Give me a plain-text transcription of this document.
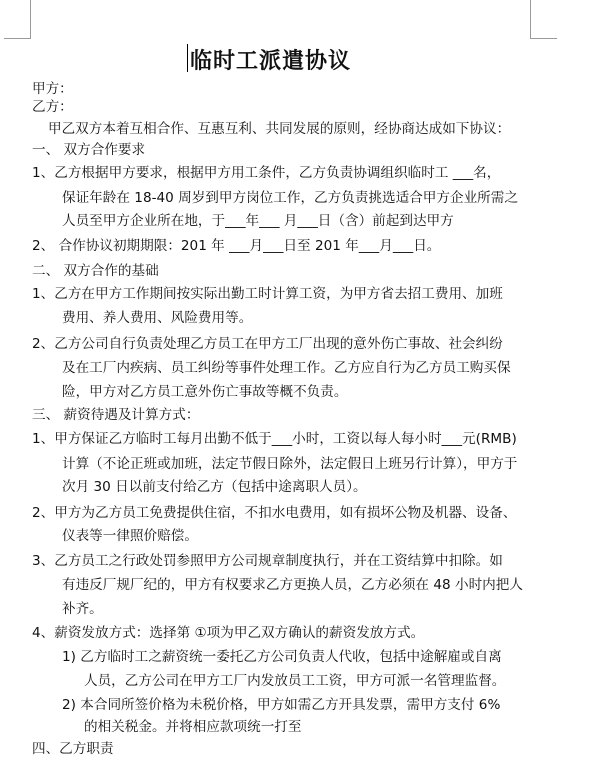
临时工派遣协议
甲方：
乙方：
甲乙双方本着互相合作、互惠互利、共同发展的原则，经协商达成如下协议：
一、 双方合作要求
1、乙方根据甲方要求，根据甲方用工条件，乙方负责协调组织临时工 ___名，
保证年龄在 18-40 周岁到甲方岗位工作，乙方负责挑选适合甲方企业所需之
人员至甲方企业所在地，于___年___ 月___日（含）前起到达甲方
2、 合作协议初期期限：201 年 ___月___日至 201 年___月___日。
二、 双方合作的基础
1、乙方在甲方工作期间按实际出勤工时计算工资，为甲方省去招工费用、加班
费用、养人费用、风险费用等。
2、乙方公司自行负责处理乙方员工在甲方工厂出现的意外伤亡事故、社会纠纷
及在工厂内疾病、员工纠纷等事件处理工作。乙方应自行为乙方员工购买保
险，甲方对乙方员工意外伤亡事故等概不负责。
三、 薪资待遇及计算方式：
1、甲方保证乙方临时工每月出勤不低于___小时，工资以每人每小时___元(RMB)
计算（不论正班或加班，法定节假日除外，法定假日上班另行计算），甲方于
次月 30 日以前支付给乙方（包括中途离职人员）。
2、甲方为乙方员工免费提供住宿，不扣水电费用，如有损坏公物及机器、设备、
仪表等一律照价赔偿。
3、乙方员工之行政处罚参照甲方公司规章制度执行，并在工资结算中扣除。如
有违反厂规厂纪的，甲方有权要求乙方更换人员，乙方必须在 48 小时内把人
补齐。
4、薪资发放方式：选择第 ①项为甲乙双方确认的薪资发放方式。
1) 乙方临时工之薪资统一委托乙方公司负责人代收，包括中途解雇或自离
人员，乙方公司在甲方工厂内发放员工工资，甲方可派一名管理监督。
2) 本合同所签价格为未税价格，甲方如需乙方开具发票，需甲方支付 6%
的相关税金。并将相应款项统一打至
四、乙方职责
